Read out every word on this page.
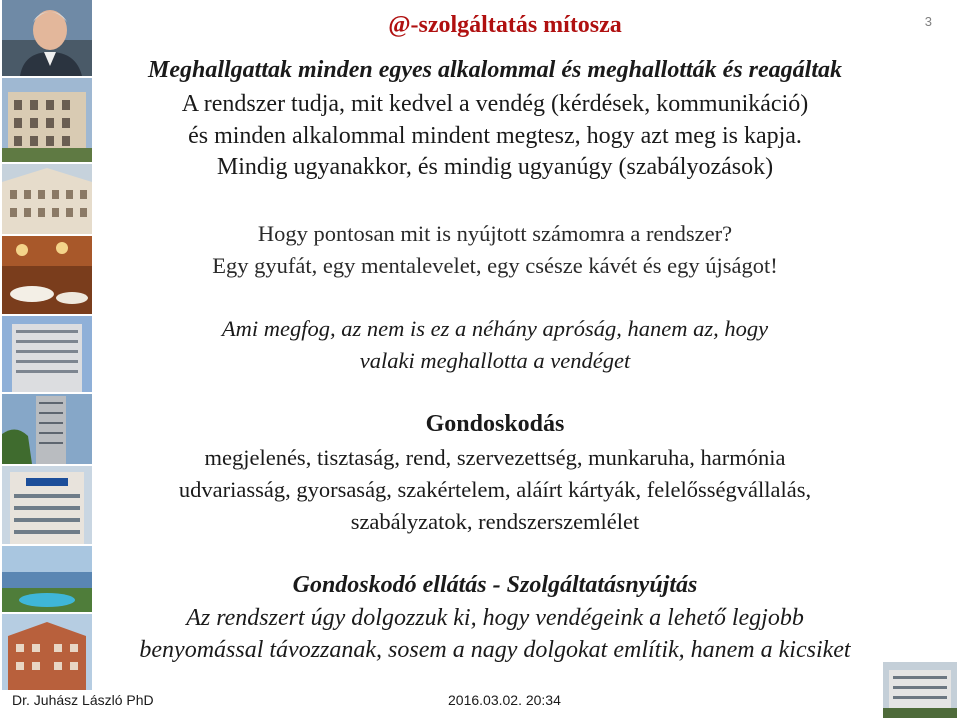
@-szolgáltatás mítosza	3
Meghallgattak minden egyes alkalommal és meghallották és reagáltak
A rendszer tudja, mit kedvel a vendég (kérdések, kommunikáció)
és minden alkalommal mindent megtesz, hogy azt meg is kapja.
Mindig ugyanakkor, és mindig ugyanúgy (szabályozások)
Hogy pontosan mit is nyújtott számomra a rendszer?
Egy gyufát, egy mentalevelet, egy csésze kávét és egy újságot!
Ami megfog, az nem is ez a néhány apróság, hanem az, hogy
valaki meghallotta a vendéget
Gondoskodás
megjelenés, tisztaság, rend, szervezettség, munkaruha, harmónia
udvariasság, gyorsaság, szakértelem, aláírt kártyák, felelősségvállalás,
szabályzatok, rendszerszemlélet
Gondoskodó ellátás - Szolgáltatásnyújtás
Az rendszert úgy dolgozzuk ki, hogy vendégeink a lehető legjobb
benyomással távozzanak, sosem a nagy dolgokat említik, hanem a kicsiket
Dr. Juhász László PhD	2016.03.02. 20:34
